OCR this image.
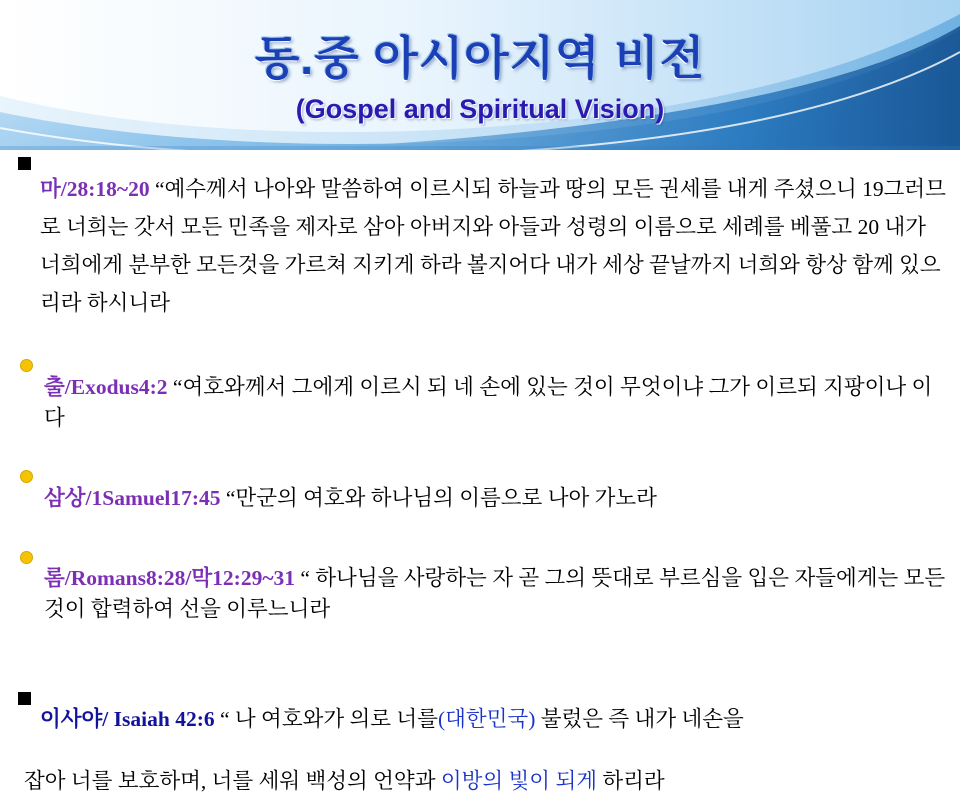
동.중 아시아지역 비전
(Gospel and Spiritual Vision)

마/28:18~20 “예수께서 나아와 말씀하여 이르시되 하늘과 땅의 모든 권세를 내게 주셨으니 19그러므로 너희는 갓서 모든 민족을 제자로 삼아 아버지와 아들과 성령의 이름으로 세례를 베풀고 20 내가 너희에게 분부한 모든것을 가르쳐 지키게 하라 볼지어다 내가 세상 끝날까지 너희와 항상 함께 있으리라 하시니라

출/Exodus4:2 “여호와께서 그에게 이르시 되 네 손에 있는 것이 무엇이냐 그가 이르되 지팡이나 이다

삼상/1Samuel17:45 “만군의 여호와 하나님의 이름으로 나아 가노라

롬/Romans8:28/막12:29~31 “ 하나님을 사랑하는 자 곧 그의 뜻대로 부르심을 입은 자들에게는 모든 것이 합력하여 선을 이루느니라

이사야/ Isaiah 42:6 “ 나 여호와가 의로 너를(대한민국) 불렀은 즉 내가 네손을

잡아 너를 보호하며, 너를 세워 백성의 언약과 이방의 빛이 되게 하리라
